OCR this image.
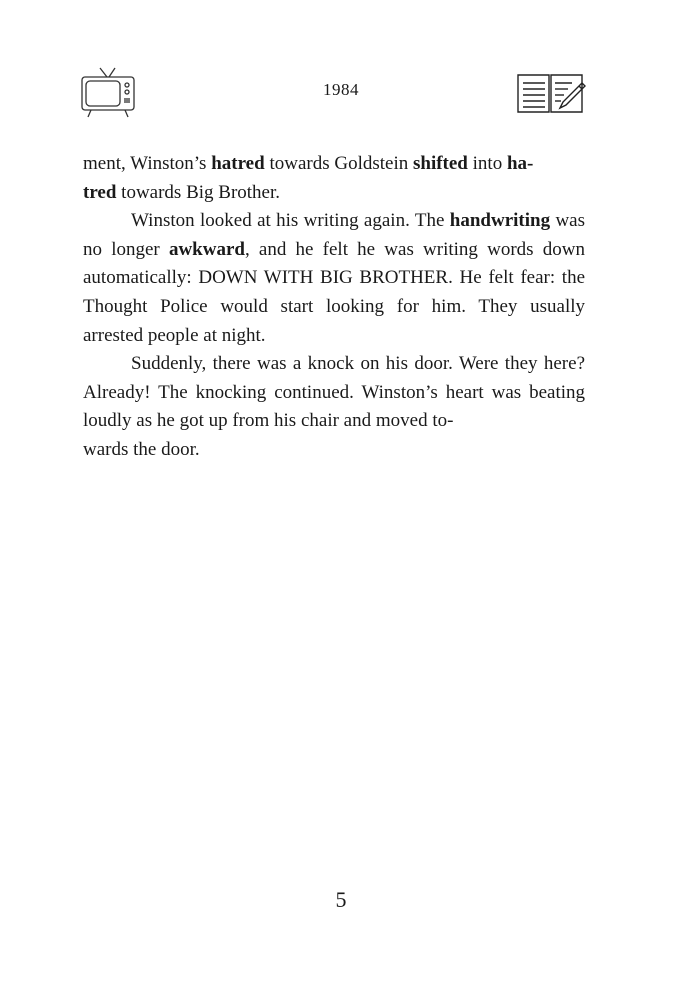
1984

ment, Winston’s hatred towards Goldstein shifted into ha-
tred towards Big Brother.

Winston looked at his writing again. The handwriting was no longer awkward, and he felt he was writing words down automatically: DOWN WITH BIG BROTHER. He felt fear: the Thought Police would start looking for him. They usually arrested people at night.

Suddenly, there was a knock on his door. Were they here? Already! The knocking continued. Winston’s heart was beating loudly as he got up from his chair and moved to-
wards the door.

5
